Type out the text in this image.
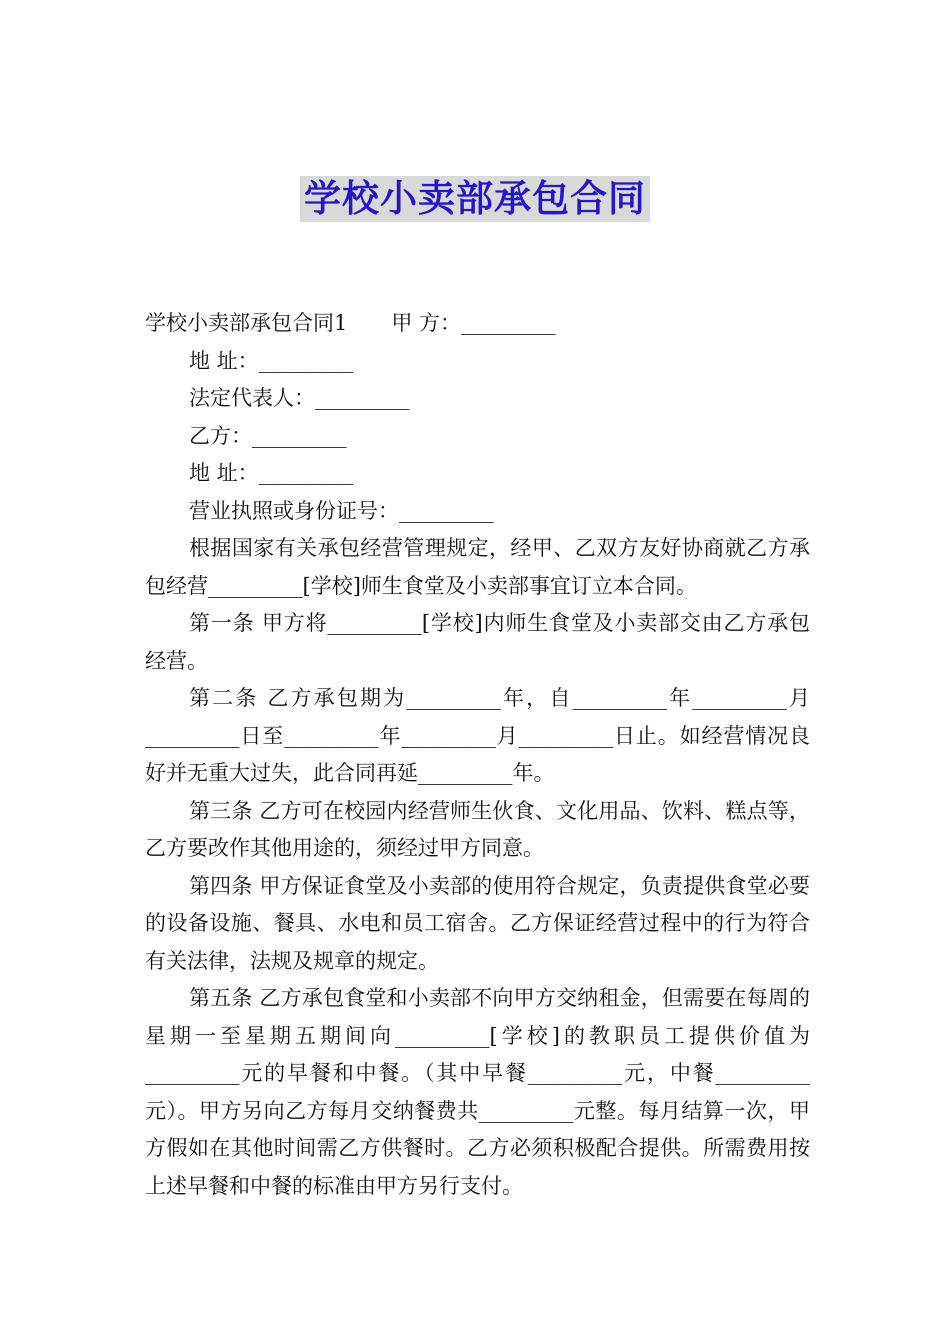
学校小卖部承包合同
学校小卖部承包合同1 甲 方：_________
地 址：_________
法定代表人：_________
乙方：_________
地 址：_________
营业执照或身份证号：_________
根据国家有关承包经营管理规定，经甲、乙双方友好协商就乙方承包经营_________[学校]师生食堂及小卖部事宜订立本合同。
第一条 甲方将_________[学校]内师生食堂及小卖部交由乙方承包经营。
第二条 乙方承包期为_________年，自_________年_________月_________日至_________年_________月_________日止。如经营情况良好并无重大过失，此合同再延_________年。
第三条 乙方可在校园内经营师生伙食、文化用品、饮料、糕点等，乙方要改作其他用途的，须经过甲方同意。
第四条 甲方保证食堂及小卖部的使用符合规定，负责提供食堂必要的设备设施、餐具、水电和员工宿舍。乙方保证经营过程中的行为符合有关法律，法规及规章的规定。
第五条 乙方承包食堂和小卖部不向甲方交纳租金，但需要在每周的星期一至星期五期间向_________[学校]的教职员工提供价值为_________元的早餐和中餐。（其中早餐_________元，中餐_________元）。甲方另向乙方每月交纳餐费共_________元整。每月结算一次，甲方假如在其他时间需乙方供餐时。乙方必须积极配合提供。所需费用按上述早餐和中餐的标准由甲方另行支付。
